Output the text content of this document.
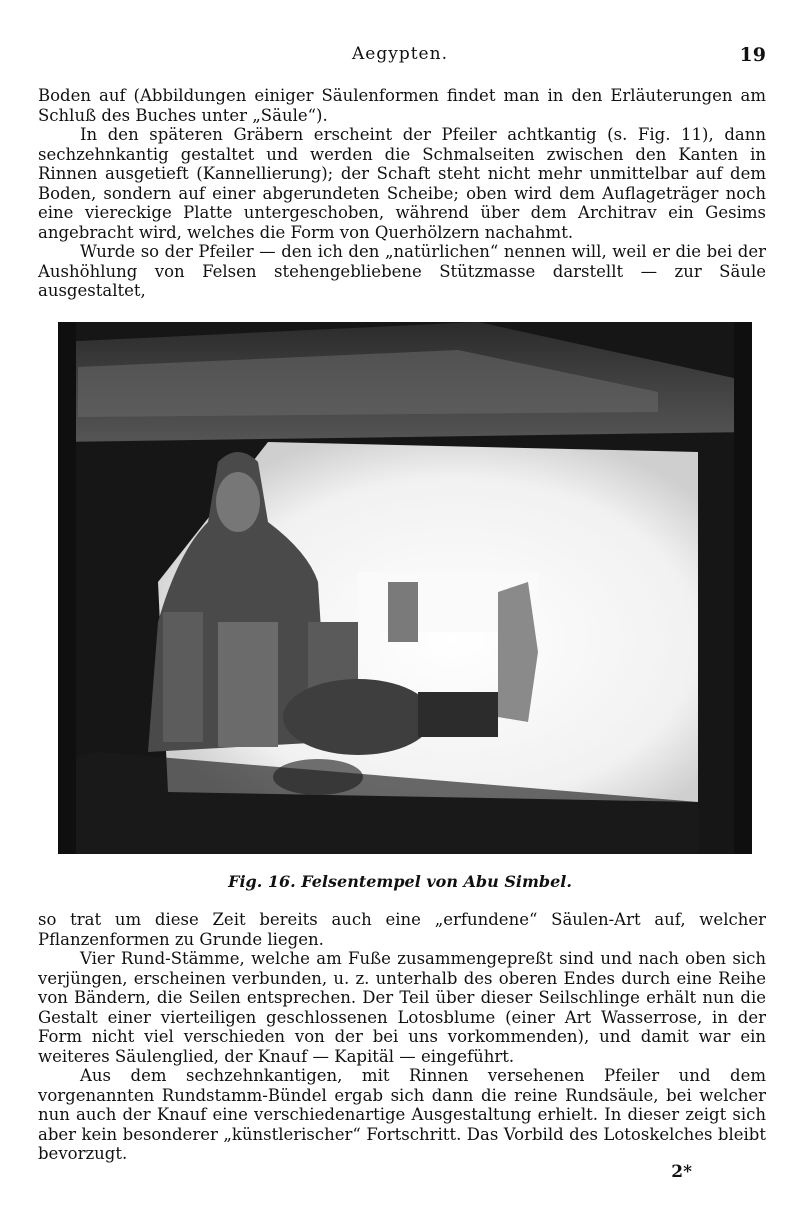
Aegypten.	19

Boden auf (Abbildungen einiger Säulenformen findet man in den Erläuterungen am Schluß des Buches unter „Säule“).

In den späteren Gräbern erscheint der Pfeiler achtkantig (s. Fig. 11), dann sechzehnkantig gestaltet und werden die Schmalseiten zwischen den Kanten in Rinnen ausgetieft (Kannellierung); der Schaft steht nicht mehr unmittelbar auf dem Boden, sondern auf einer abgerundeten Scheibe; oben wird dem Auflageträger noch eine viereckige Platte untergeschoben, während über dem Architrav ein Gesims angebracht wird, welches die Form von Querhölzern nachahmt.

Wurde so der Pfeiler — den ich den „natürlichen“ nennen will, weil er die bei der Aushöhlung von Felsen stehengebliebene Stützmasse darstellt — zur Säule ausgestaltet,

Fig. 16. Felsentempel von Abu Simbel.

so trat um diese Zeit bereits auch eine „erfundene“ Säulen-Art auf, welcher Pflanzenformen zu Grunde liegen.

Vier Rund-Stämme, welche am Fuße zusammengepreßt sind und nach oben sich verjüngen, erscheinen verbunden, u. z. unterhalb des oberen Endes durch eine Reihe von Bändern, die Seilen entsprechen. Der Teil über dieser Seilschlinge erhält nun die Gestalt einer vierteiligen geschlossenen Lotosblume (einer Art Wasserrose, in der Form nicht viel verschieden von der bei uns vorkommenden), und damit war ein weiteres Säulenglied, der Knauf — Kapitäl — eingeführt.

Aus dem sechzehnkantigen, mit Rinnen versehenen Pfeiler und dem vorgenannten Rundstamm-Bündel ergab sich dann die reine Rundsäule, bei welcher nun auch der Knauf eine verschiedenartige Ausgestaltung erhielt. In dieser zeigt sich aber kein besonderer „künstlerischer“ Fortschritt. Das Vorbild des Lotoskelches bleibt bevorzugt.

2*
